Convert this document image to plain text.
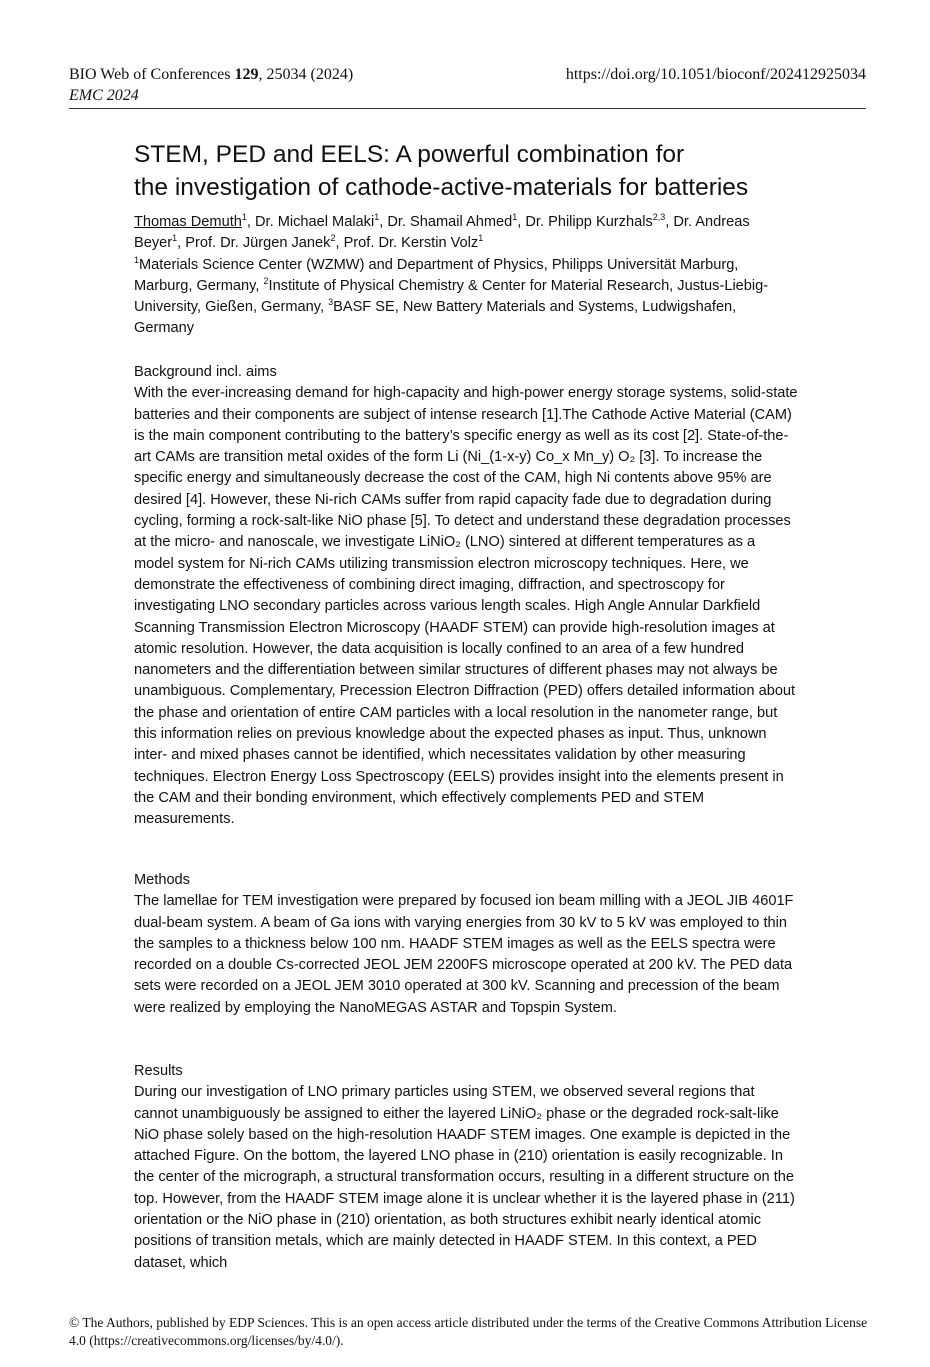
BIO Web of Conferences 129, 25034 (2024)
EMC 2024
https://doi.org/10.1051/bioconf/202412925034
STEM, PED and EELS: A powerful combination for
the investigation of cathode-active-materials for batteries
Thomas Demuth$^1$, Dr. Michael Malaki$^1$, Dr. Shamail Ahmed$^1$, Dr. Philipp Kurzhals$^{2,3}$, Dr. Andreas Beyer$^1$, Prof. Dr. Jürgen Janek$^2$, Prof. Dr. Kerstin Volz$^1$
$^1$Materials Science Center (WZMW) and Department of Physics, Philipps Universität Marburg, Marburg, Germany, $^2$Institute of Physical Chemistry & Center for Material Research, Justus-Liebig-University, Gießen, Germany, $^3$BASF SE, New Battery Materials and Systems, Ludwigshafen, Germany

Background incl. aims

With the ever-increasing demand for high-capacity and high-power energy storage systems, solid-state batteries and their components are subject of intense research [1].The Cathode Active Material (CAM) is the main component contributing to the battery’s specific energy as well as its cost [2]. State-of-the-art CAMs are transition metal oxides of the form Li (Ni_(1-x-y) Co_x Mn_y) O₂ [3]. To increase the specific energy and simultaneously decrease the cost of the CAM, high Ni contents above 95% are desired [4]. However, these Ni-rich CAMs suffer from rapid capacity fade due to degradation during cycling, forming a rock-salt-like NiO phase [5]. To detect and understand these degradation processes at the micro- and nanoscale, we investigate LiNiO₂ (LNO) sintered at different temperatures as a model system for Ni-rich CAMs utilizing transmission electron microscopy techniques. Here, we demonstrate the effectiveness of combining direct imaging, diffraction, and spectroscopy for investigating LNO secondary particles across various length scales. High Angle Annular Darkfield Scanning Transmission Electron Microscopy (HAADF STEM) can provide high-resolution images at atomic resolution. However, the data acquisition is locally confined to an area of a few hundred nanometers and the differentiation between similar structures of different phases may not always be unambiguous. Complementary, Precession Electron Diffraction (PED) offers detailed information about the phase and orientation of entire CAM particles with a local resolution in the nanometer range, but this information relies on previous knowledge about the expected phases as input. Thus, unknown inter- and mixed phases cannot be identified, which necessitates validation by other measuring techniques. Electron Energy Loss Spectroscopy (EELS) provides insight into the elements present in the CAM and their bonding environment, which effectively complements PED and STEM measurements.

Methods

The lamellae for TEM investigation were prepared by focused ion beam milling with a JEOL JIB 4601F dual-beam system. A beam of Ga ions with varying energies from 30 kV to 5 kV was employed to thin the samples to a thickness below 100 nm. HAADF STEM images as well as the EELS spectra were recorded on a double Cs-corrected JEOL JEM 2200FS microscope operated at 200 kV. The PED data sets were recorded on a JEOL JEM 3010 operated at 300 kV. Scanning and precession of the beam were realized by employing the NanoMEGAS ASTAR and Topspin System.

Results

During our investigation of LNO primary particles using STEM, we observed several regions that cannot unambiguously be assigned to either the layered LiNiO₂ phase or the degraded rock-salt-like NiO phase solely based on the high-resolution HAADF STEM images. One example is depicted in the attached Figure. On the bottom, the layered LNO phase in (210) orientation is easily recognizable. In the center of the micrograph, a structural transformation occurs, resulting in a different structure on the top. However, from the HAADF STEM image alone it is unclear whether it is the layered phase in (211) orientation or the NiO phase in (210) orientation, as both structures exhibit nearly identical atomic positions of transition metals, which are mainly detected in HAADF STEM. In this context, a PED dataset, which

© The Authors, published by EDP Sciences. This is an open access article distributed under the terms of the Creative Commons Attribution License 4.0 (https://creativecommons.org/licenses/by/4.0/).
